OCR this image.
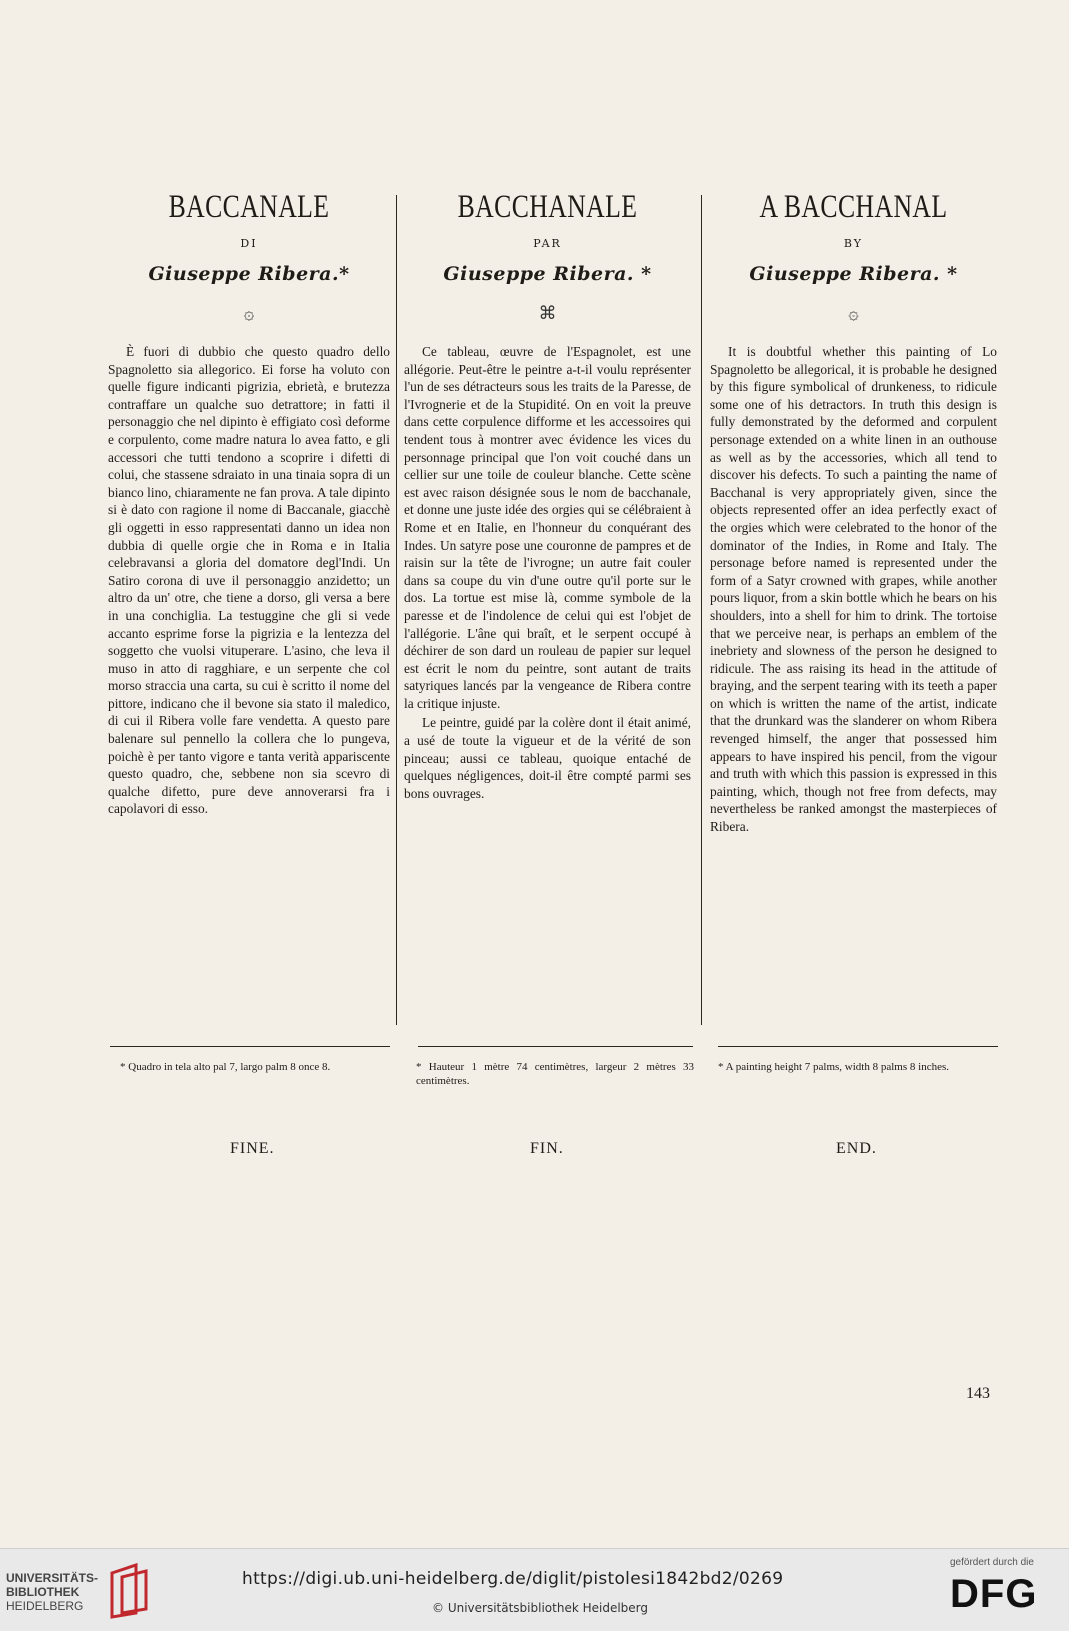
BACCANALE
DI
Giuseppe Ribera.*
۞

È fuori di dubbio che questo quadro dello Spagnoletto sia allegorico. Ei forse ha voluto con quelle figure indicanti pigrizia, ebrietà, e brutezza contraffare un qualche suo detrattore; in fatti il personaggio che nel dipinto è effigiato così deforme e corpulento, come madre natura lo avea fatto, e gli accessori che tutti tendono a scoprire i difetti di colui, che stassene sdraiato in una tinaia sopra di un bianco lino, chiaramente ne fan prova. A tale dipinto si è dato con ragione il nome di Baccanale, giacchè gli oggetti in esso rappresentati danno un idea non dubbia di quelle orgie che in Roma e in Italia celebravansi a gloria del domatore degl'Indi. Un Satiro corona di uve il personaggio anzidetto; un altro da un' otre, che tiene a dorso, gli versa a bere in una conchiglia. La testuggine che gli si vede accanto esprime forse la pigrizia e la lentezza del soggetto che vuolsi vituperare. L'asino, che leva il muso in atto di ragghiare, e un serpente che col morso straccia una carta, su cui è scritto il nome del pittore, indicano che il bevone sia stato il maledico, di cui il Ribera volle fare vendetta. A questo pare balenare sul pennello la collera che lo pungeva, poichè è per tanto vigore e tanta verità appariscente questo quadro, che, sebbene non sia scevro di qualche difetto, pure deve annoverarsi fra i capolavori di esso.

BACCHANALE
PAR
Giuseppe Ribera. *
⌘

Ce tableau, œuvre de l'Espagnolet, est une allégorie. Peut-être le peintre a-t-il voulu représenter l'un de ses détracteurs sous les traits de la Paresse, de l'Ivrognerie et de la Stupidité. On en voit la preuve dans cette corpulence difforme et les accessoires qui tendent tous à montrer avec évidence les vices du personnage principal que l'on voit couché dans un cellier sur une toile de couleur blanche. Cette scène est avec raison désignée sous le nom de bacchanale, et donne une juste idée des orgies qui se célébraient à Rome et en Italie, en l'honneur du conquérant des Indes. Un satyre pose une couronne de pampres et de raisin sur la tête de l'ivrogne; un autre fait couler dans sa coupe du vin d'une outre qu'il porte sur le dos. La tortue est mise là, comme symbole de la paresse et de l'indolence de celui qui est l'objet de l'allégorie. L'âne qui braît, et le serpent occupé à déchirer de son dard un rouleau de papier sur lequel est écrit le nom du peintre, sont autant de traits satyriques lancés par la vengeance de Ribera contre la critique injuste.

Le peintre, guidé par la colère dont il était animé, a usé de toute la vigueur et de la vérité de son pinceau; aussi ce tableau, quoique entaché de quelques négligences, doit-il être compté parmi ses bons ouvrages.

A BACCHANAL
BY
Giuseppe Ribera. *
۞

It is doubtful whether this painting of Lo Spagnoletto be allegorical, it is probable he designed by this figure symbolical of drunkeness, to ridicule some one of his detractors. In truth this design is fully demonstrated by the deformed and corpulent personage extended on a white linen in an outhouse as well as by the accessories, which all tend to discover his defects. To such a painting the name of Bacchanal is very appropriately given, since the objects represented offer an idea perfectly exact of the orgies which were celebrated to the honor of the dominator of the Indies, in Rome and Italy. The personage before named is represented under the form of a Satyr crowned with grapes, while another pours liquor, from a skin bottle which he bears on his shoulders, into a shell for him to drink. The tortoise that we perceive near, is perhaps an emblem of the inebriety and slowness of the person he designed to ridicule. The ass raising its head in the attitude of braying, and the serpent tearing with its teeth a paper on which is written the name of the artist, indicate that the drunkard was the slanderer on whom Ribera revenged himself, the anger that possessed him appears to have inspired his pencil, from the vigour and truth with which this passion is expressed in this painting, which, though not free from defects, may nevertheless be ranked amongst the masterpieces of Ribera.

* Quadro in tela alto pal 7, largo palm 8 once 8.	* Hauteur 1 mètre 74 centimètres, largeur 2 mètres 33 centimètres.
* A painting height 7 palms, width 8 palms 8 inches.
FINE.	FIN.	END.
143
UNIVERSITÄTS-
BIBLIOTHEK
HEIDELBERG
https://digi.ub.uni-heidelberg.de/diglit/pistolesi1842bd2/0269
© Universitätsbibliothek Heidelberg
gefördert durch die
DFG
